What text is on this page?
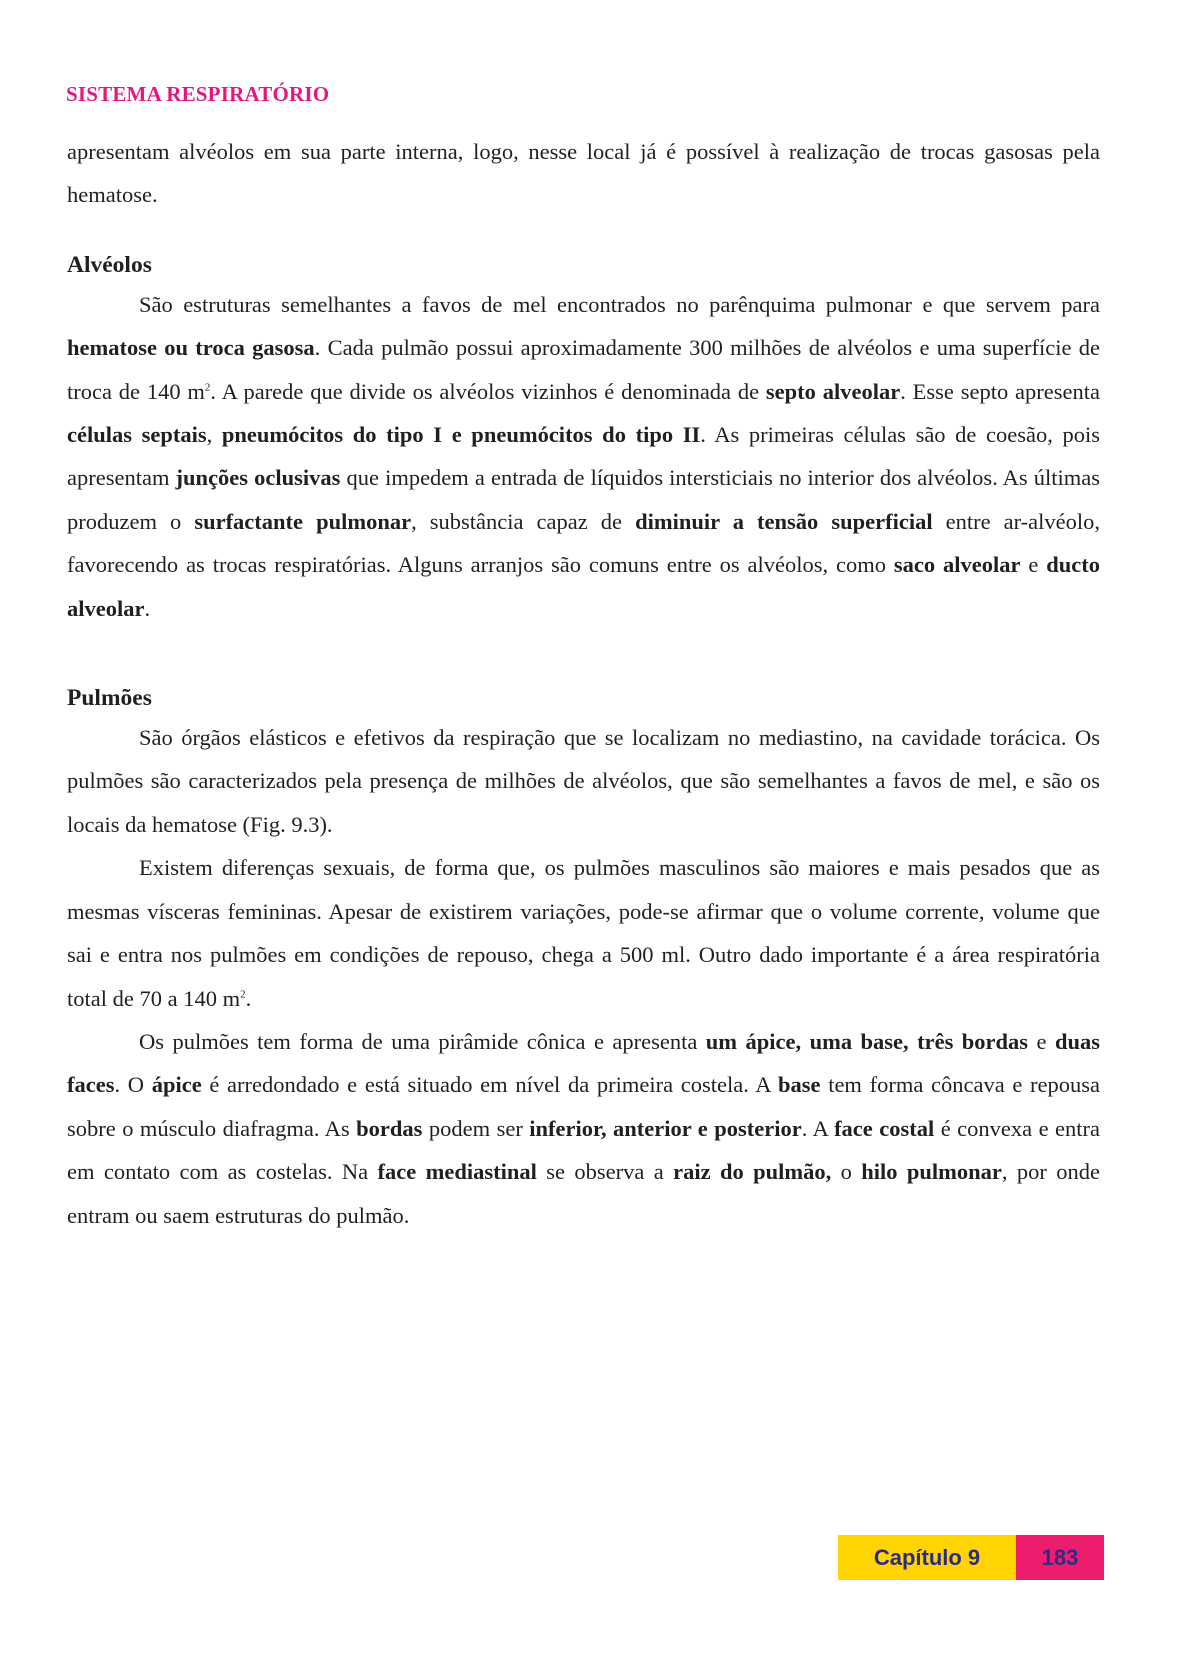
SISTEMA RESPIRATÓRIO

apresentam alvéolos em sua parte interna, logo, nesse local já é possível à realização de trocas gasosas pela hematose.

Alvéolos

São estruturas semelhantes a favos de mel encontrados no parênquima pulmonar e que servem para hematose ou troca gasosa. Cada pulmão possui aproximadamente 300 milhões de alvéolos e uma superfície de troca de 140 $m^2$. A parede que divide os alvéolos vizinhos é denominada de septo alveolar. Esse septo apresenta células septais, pneumócitos do tipo I e pneumócitos do tipo II. As primeiras células são de coesão, pois apresentam junções oclusivas que impedem a entrada de líquidos intersticiais no interior dos alvéolos. As últimas produzem o surfactante pulmonar, substância capaz de diminuir a tensão superficial entre ar-alvéolo, favorecendo as trocas respiratórias. Alguns arranjos são comuns entre os alvéolos, como saco alveolar e ducto alveolar.

Pulmões

São órgãos elásticos e efetivos da respiração que se localizam no mediastino, na cavidade torácica. Os pulmões são caracterizados pela presença de milhões de alvéolos, que são semelhantes a favos de mel, e são os locais da hematose (Fig. 9.3).

Existem diferenças sexuais, de forma que, os pulmões masculinos são maiores e mais pesados que as mesmas vísceras femininas. Apesar de existirem variações, pode-se afirmar que o volume corrente, volume que sai e entra nos pulmões em condições de repouso, chega a 500 ml. Outro dado importante é a área respiratória total de 70 a 140 $m^2$.

Os pulmões tem forma de uma pirâmide cônica e apresenta um ápice, uma base, três bordas e duas faces. O ápice é arredondado e está situado em nível da primeira costela. A base tem forma côncava e repousa sobre o músculo diafragma. As bordas podem ser inferior, anterior e posterior. A face costal é convexa e entra em contato com as costelas. Na face mediastinal se observa a raiz do pulmão, o hilo pulmonar, por onde entram ou saem estruturas do pulmão.

Capítulo 9	183
